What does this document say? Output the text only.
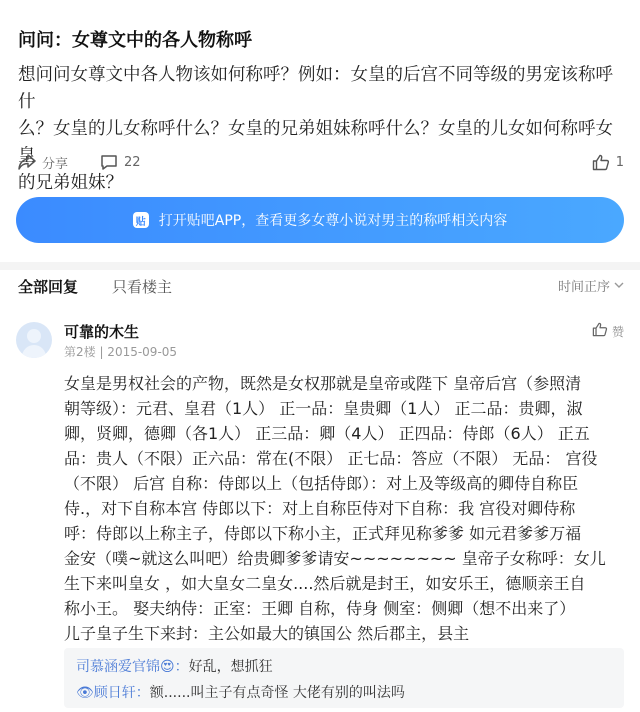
问问：女尊文中的各人物称呼
想问问女尊文中各人物该如何称呼？例如：女皇的后宫不同等级的男宠该称呼什
么？女皇的儿女称呼什么？女皇的兄弟姐妹称呼什么？女皇的儿女如何称呼女皇
的兄弟姐妹？
分享	22	1
贴 打开贴吧APP，查看更多女尊小说对男主的称呼相关内容
全部回复 只看楼主	时间正序
可靠的木生
第2楼 | 2015-09-05
赞
女皇是男权社会的产物，既然是女权那就是皇帝或陛下 皇帝后宫（参照清
朝等级）：元君、皇君（1人） 正一品：皇贵卿（1人） 正二品：贵卿，淑
卿，贤卿，德卿（各1人） 正三品：卿（4人） 正四品：侍郎（6人） 正五
品：贵人（不限）正六品：常在(不限） 正七品：答应（不限） 无品： 宫役
（不限） 后宫 自称：侍郎以上（包括侍郎）：对上及等级高的卿侍自称臣
侍.，对下自称本宫 侍郎以下：对上自称臣侍对下自称：我 宫役对卿侍称
呼：侍郎以上称主子，侍郎以下称小主，正式拜见称爹爹 如元君爹爹万福
金安（噗~就这么叫吧）给贵卿爹爹请安~~~~~~~~ 皇帝子女称呼：女儿
生下来叫皇女 ，如大皇女二皇女....然后就是封王，如安乐王，德顺亲王自
称小王。 娶夫纳侍：正室：王卿 自称，侍身 侧室：侧卿（想不出来了）
儿子皇子生下来封：主公如最大的镇国公 然后郡主，县主
司慕涵爱官锦😍：好乱，想抓狂
👁顾日轩：额......叫主子有点奇怪 大佬有别的叫法吗
